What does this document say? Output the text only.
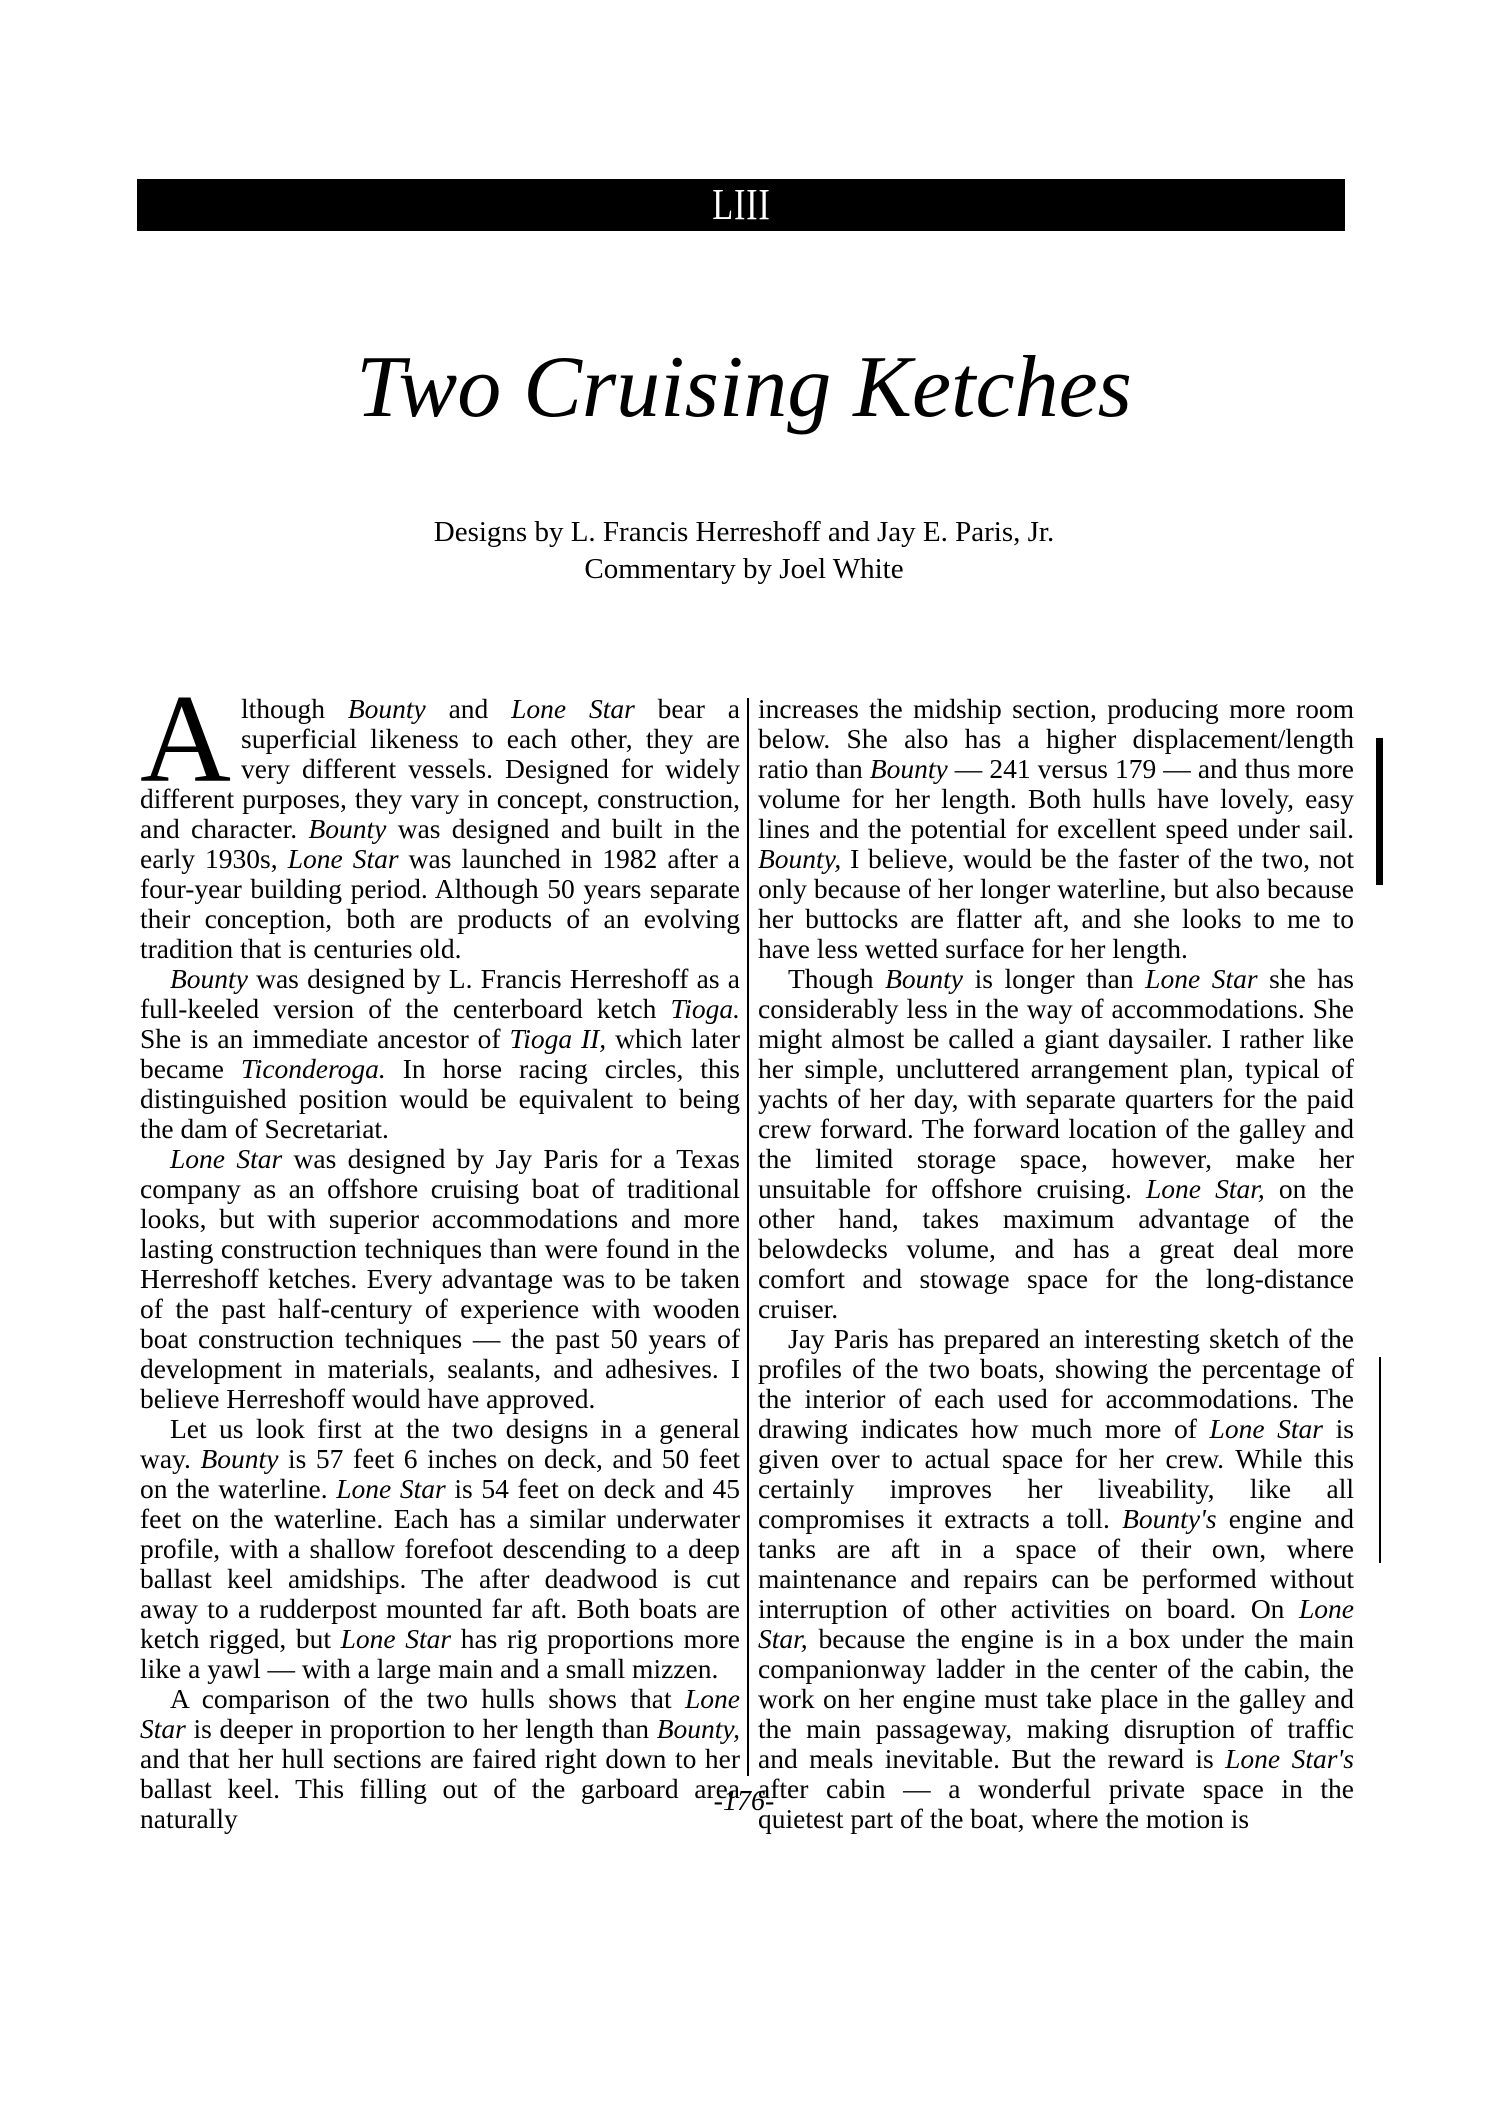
LIII
Two Cruising Ketches
Designs by L. Francis Herreshoff and Jay E. Paris, Jr.
Commentary by Joel White

Although Bounty and Lone Star bear a superficial likeness to each other, they are very different vessels. Designed for widely different purposes, they vary in concept, construction, and character. Bounty was designed and built in the early 1930s, Lone Star was launched in 1982 after a four-year building period. Although 50 years separate their conception, both are products of an evolving tradition that is centuries old.

Bounty was designed by L. Francis Herreshoff as a full-keeled version of the centerboard ketch Tioga. She is an immediate ancestor of Tioga II, which later became Ticonderoga. In horse racing circles, this distinguished position would be equivalent to being the dam of Secretariat.

Lone Star was designed by Jay Paris for a Texas company as an offshore cruising boat of traditional looks, but with superior accommodations and more lasting construction techniques than were found in the Herreshoff ketches. Every advantage was to be taken of the past half-century of experience with wooden boat construction techniques — the past 50 years of development in materials, sealants, and adhesives. I believe Herreshoff would have approved.

Let us look first at the two designs in a general way. Bounty is 57 feet 6 inches on deck, and 50 feet on the waterline. Lone Star is 54 feet on deck and 45 feet on the waterline. Each has a similar underwater profile, with a shallow forefoot descending to a deep ballast keel amidships. The after deadwood is cut away to a rudderpost mounted far aft. Both boats are ketch rigged, but Lone Star has rig proportions more like a yawl — with a large main and a small mizzen.

A comparison of the two hulls shows that Lone Star is deeper in proportion to her length than Bounty, and that her hull sections are faired right down to her ballast keel. This filling out of the garboard area naturally

increases the midship section, producing more room below. She also has a higher displacement/length ratio than Bounty — 241 versus 179 — and thus more volume for her length. Both hulls have lovely, easy lines and the potential for excellent speed under sail. Bounty, I believe, would be the faster of the two, not only because of her longer waterline, but also because her buttocks are flatter aft, and she looks to me to have less wetted surface for her length.

Though Bounty is longer than Lone Star she has considerably less in the way of accommodations. She might almost be called a giant daysailer. I rather like her simple, uncluttered arrangement plan, typical of yachts of her day, with separate quarters for the paid crew forward. The forward location of the galley and the limited storage space, however, make her unsuitable for offshore cruising. Lone Star, on the other hand, takes maximum advantage of the belowdecks volume, and has a great deal more comfort and stowage space for the long-distance cruiser.

Jay Paris has prepared an interesting sketch of the profiles of the two boats, showing the percentage of the interior of each used for accommodations. The drawing indicates how much more of Lone Star is given over to actual space for her crew. While this certainly improves her liveability, like all compromises it extracts a toll. Bounty's engine and tanks are aft in a space of their own, where maintenance and repairs can be performed without interruption of other activities on board. On Lone Star, because the engine is in a box under the main companionway ladder in the center of the cabin, the work on her engine must take place in the galley and the main passageway, making disruption of traffic and meals inevitable. But the reward is Lone Star's after cabin — a wonderful private space in the quietest part of the boat, where the motion is

-176-
